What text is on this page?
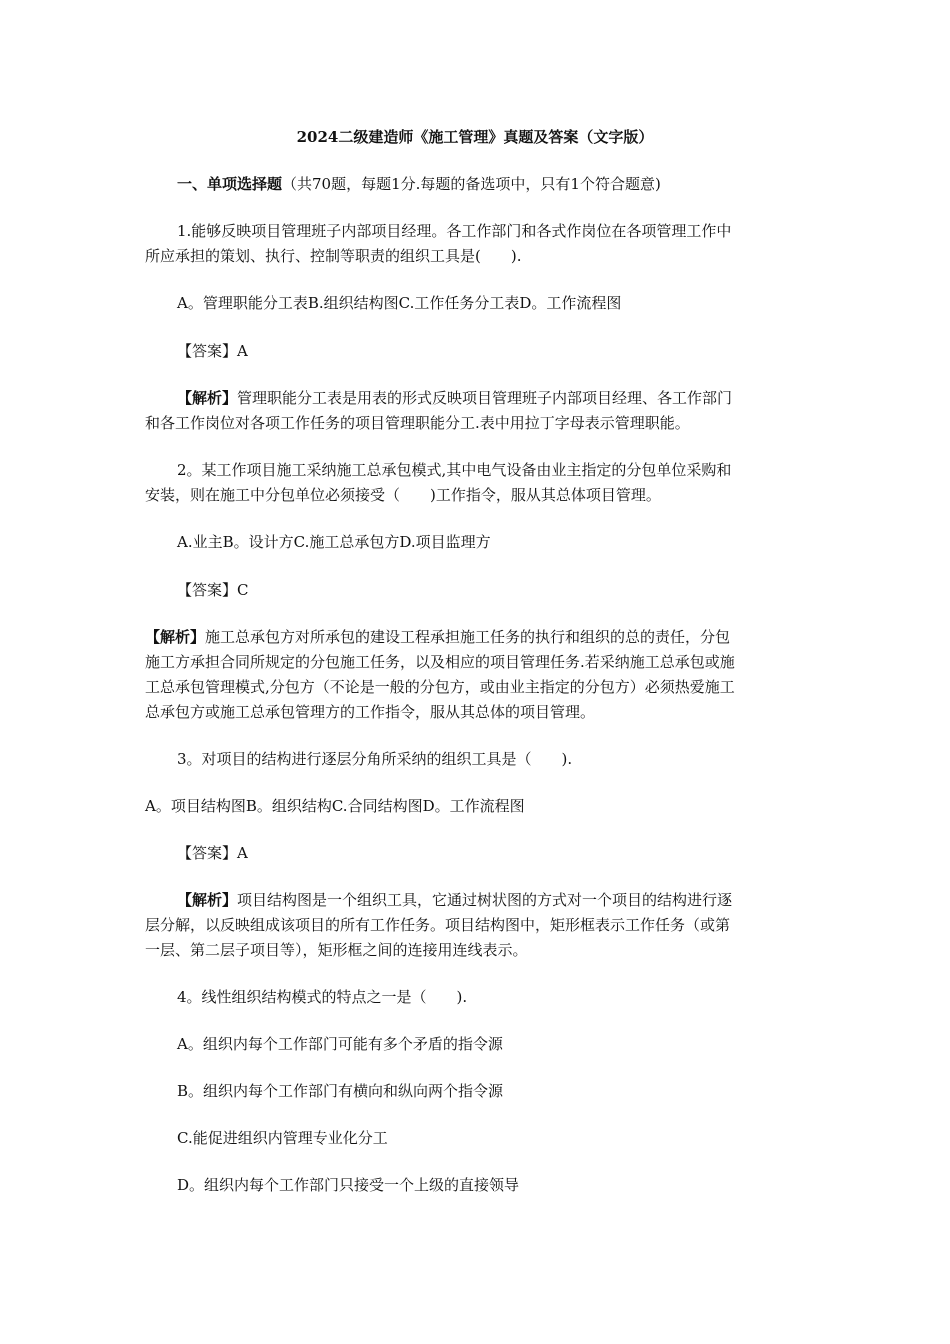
2024二级建造师《施工管理》真题及答案（文字版）
一、单项选择题（共70题，每题1分.每题的备选项中，只有1个符合题意)
1.能够反映项目管理班子内部项目经理。各工作部门和各式作岗位在各项管理工作中
所应承担的策划、执行、控制等职责的组织工具是(　　).
A。管理职能分工表B.组织结构图C.工作任务分工表D。工作流程图
【答案】A
【解析】管理职能分工表是用表的形式反映项目管理班子内部项目经理、各工作部门
和各工作岗位对各项工作任务的项目管理职能分工.表中用拉丁字母表示管理职能。
2。某工作项目施工采纳施工总承包模式,其中电气设备由业主指定的分包单位采购和
安装，则在施工中分包单位必须接受（　　)工作指令，服从其总体项目管理。
A.业主B。设计方C.施工总承包方D.项目监理方
【答案】C
【解析】施工总承包方对所承包的建设工程承担施工任务的执行和组织的总的责任，分包
施工方承担合同所规定的分包施工任务，以及相应的项目管理任务.若采纳施工总承包或施
工总承包管理模式,分包方（不论是一般的分包方，或由业主指定的分包方）必须热爱施工
总承包方或施工总承包管理方的工作指令，服从其总体的项目管理。
3。对项目的结构进行逐层分角所采纳的组织工具是（　　).
A。项目结构图B。组织结构C.合同结构图D。工作流程图
【答案】A
【解析】项目结构图是一个组织工具，它通过树状图的方式对一个项目的结构进行逐
层分解，以反映组成该项目的所有工作任务。项目结构图中，矩形框表示工作任务（或第
一层、第二层子项目等），矩形框之间的连接用连线表示。
4。线性组织结构模式的特点之一是（　　).
A。组织内每个工作部门可能有多个矛盾的指令源
B。组织内每个工作部门有横向和纵向两个指令源
C.能促进组织内管理专业化分工
D。组织内每个工作部门只接受一个上级的直接领导
